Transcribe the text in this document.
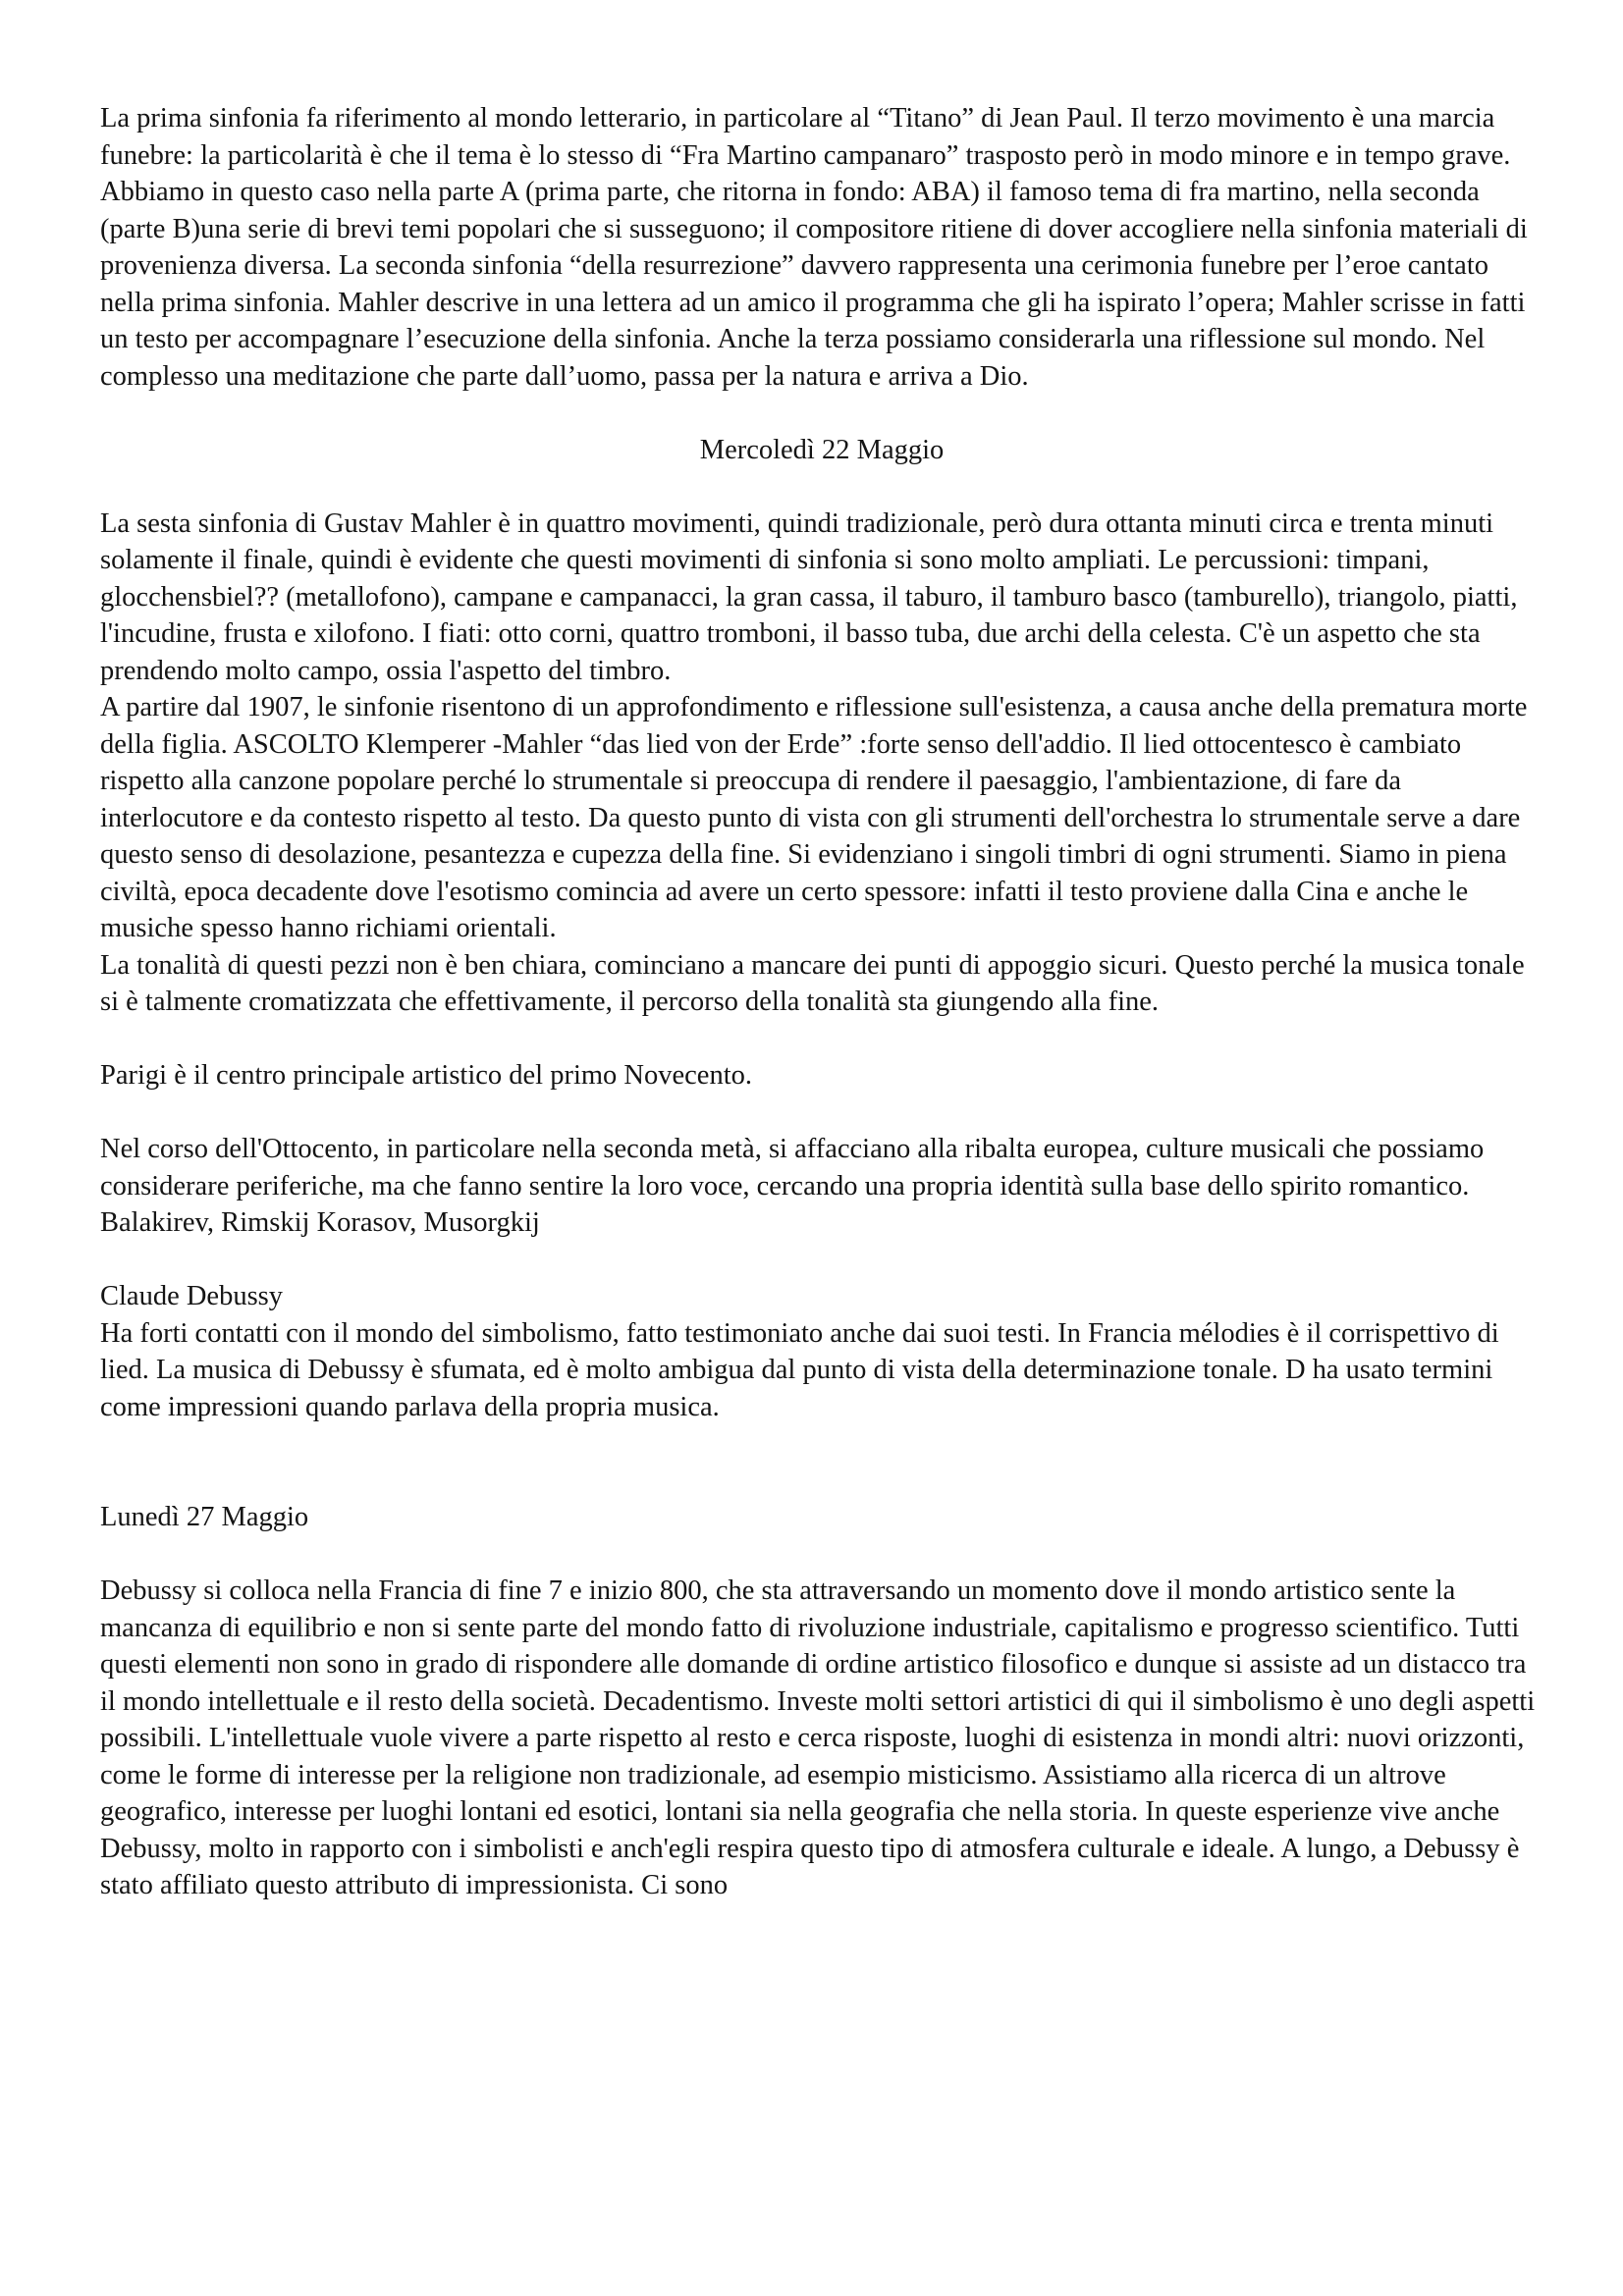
La prima sinfonia fa riferimento al mondo letterario, in particolare al “Titano” di Jean Paul. Il terzo movimento è una marcia funebre: la particolarità è che il tema è lo stesso di “Fra Martino campanaro” trasposto però in modo minore e in tempo grave. Abbiamo in questo caso nella parte A (prima parte, che ritorna in fondo: ABA) il famoso tema di fra martino, nella seconda (parte B)una serie di brevi temi popolari che si susseguono; il compositore ritiene di dover accogliere nella sinfonia materiali di provenienza diversa. La seconda sinfonia “della resurrezione” davvero rappresenta una cerimonia funebre per l’eroe cantato nella prima sinfonia. Mahler descrive in una lettera ad un amico il programma che gli ha ispirato l’opera; Mahler scrisse in fatti un testo per accompagnare l’esecuzione della sinfonia. Anche la terza possiamo considerarla una riflessione sul mondo. Nel complesso una meditazione che parte dall’uomo, passa per la natura e arriva a Dio.

Mercoledì 22 Maggio

La sesta sinfonia di Gustav Mahler è in quattro movimenti, quindi tradizionale, però dura ottanta minuti circa e trenta minuti solamente il finale, quindi è evidente che questi movimenti di sinfonia si sono molto ampliati. Le percussioni: timpani, glocchensbiel?? (metallofono), campane e campanacci, la gran cassa, il taburo, il tamburo basco (tamburello), triangolo, piatti, l'incudine, frusta e xilofono. I fiati: otto corni, quattro tromboni, il basso tuba, due archi della celesta. C'è un aspetto che sta prendendo molto campo, ossia l'aspetto del timbro.

A partire dal 1907, le sinfonie risentono di un approfondimento e riflessione sull'esistenza, a causa anche della prematura morte della figlia. ASCOLTO Klemperer -Mahler “das lied von der Erde” :forte senso dell'addio. Il lied ottocentesco è cambiato rispetto alla canzone popolare perché lo strumentale si preoccupa di rendere il paesaggio, l'ambientazione, di fare da interlocutore e da contesto rispetto al testo. Da questo punto di vista con gli strumenti dell'orchestra lo strumentale serve a dare questo senso di desolazione, pesantezza e cupezza della fine. Si evidenziano i singoli timbri di ogni strumenti. Siamo in piena civiltà, epoca decadente dove l'esotismo comincia ad avere un certo spessore: infatti il testo proviene dalla Cina e anche le musiche spesso hanno richiami orientali.

La tonalità di questi pezzi non è ben chiara, cominciano a mancare dei punti di appoggio sicuri. Questo perché la musica tonale si è talmente cromatizzata che effettivamente, il percorso della tonalità sta giungendo alla fine.

Parigi è il centro principale artistico del primo Novecento.

Nel corso dell'Ottocento, in particolare nella seconda metà, si affacciano alla ribalta europea, culture musicali che possiamo considerare periferiche, ma che fanno sentire la loro voce, cercando una propria identità sulla base dello spirito romantico. Balakirev, Rimskij Korasov, Musorgkij

Claude Debussy

Ha forti contatti con il mondo del simbolismo, fatto testimoniato anche dai suoi testi. In Francia mélodies è il corrispettivo di lied. La musica di Debussy è sfumata, ed è molto ambigua dal punto di vista della determinazione tonale. D ha usato termini come impressioni quando parlava della propria musica.

Lunedì 27 Maggio

Debussy si colloca nella Francia di fine 7 e inizio 800, che sta attraversando un momento dove il mondo artistico sente la mancanza di equilibrio e non si sente parte del mondo fatto di rivoluzione industriale, capitalismo e progresso scientifico. Tutti questi elementi non sono in grado di rispondere alle domande di ordine artistico filosofico e dunque si assiste ad un distacco tra il mondo intellettuale e il resto della società. Decadentismo. Investe molti settori artistici di qui il simbolismo è uno degli aspetti possibili. L'intellettuale vuole vivere a parte rispetto al resto e cerca risposte, luoghi di esistenza in mondi altri: nuovi orizzonti, come le forme di interesse per la religione non tradizionale, ad esempio misticismo. Assistiamo alla ricerca di un altrove geografico, interesse per luoghi lontani ed esotici, lontani sia nella geografia che nella storia. In queste esperienze vive anche Debussy, molto in rapporto con i simbolisti e anch'egli respira questo tipo di atmosfera culturale e ideale. A lungo, a Debussy è stato affiliato questo attributo di impressionista. Ci sono
